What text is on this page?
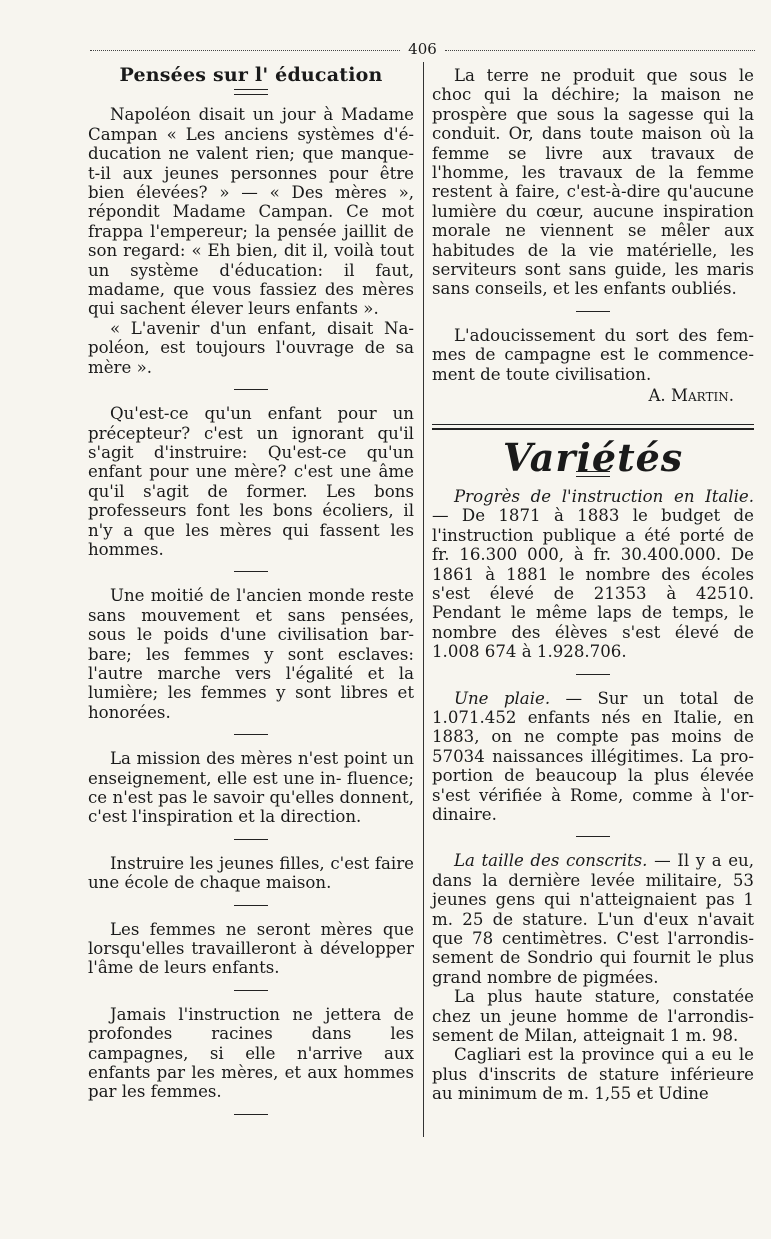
406
Pensées sur l' éducation

Napoléon disait un jour à Madame Campan « Les anciens systèmes d'é- ducation ne valent rien; que manque- t-il aux jeunes personnes pour être bien élevées? » — « Des mères », répondit Madame Campan. Ce mot frappa l'empereur; la pensée jaillit de son regard: « Eh bien, dit il, voilà tout un système d'éducation: il faut, madame, que vous fassiez des mères qui sachent élever leurs enfants ».

« L'avenir d'un enfant, disait Na- poléon, est toujours l'ouvrage de sa mère ».

Qu'est-ce qu'un enfant pour un précepteur? c'est un ignorant qu'il s'agit d'instruire: Qu'est-ce qu'un enfant pour une mère? c'est une âme qu'il s'agit de former. Les bons professeurs font les bons écoliers, il n'y a que les mères qui fassent les hommes.

Une moitié de l'ancien monde reste sans mouvement et sans pensées, sous le poids d'une civilisation bar- bare; les femmes y sont esclaves: l'autre marche vers l'égalité et la lumière; les femmes y sont libres et honorées.

La mission des mères n'est point un enseignement, elle est une in- fluence; ce n'est pas le savoir qu'elles donnent, c'est l'inspiration et la direction.

Instruire les jeunes filles, c'est faire une école de chaque maison.

Les femmes ne seront mères que lorsqu'elles travailleront à développer l'âme de leurs enfants.

Jamais l'instruction ne jettera de profondes racines dans les campagnes, si elle n'arrive aux enfants par les mères, et aux hommes par les femmes.

La terre ne produit que sous le choc qui la déchire; la maison ne prospère que sous la sagesse qui la conduit. Or, dans toute maison où la femme se livre aux travaux de l'homme, les travaux de la femme restent à faire, c'est-à-dire qu'aucune lumière du cœur, aucune inspiration morale ne viennent se mêler aux habitudes de la vie matérielle, les serviteurs sont sans guide, les maris sans conseils, et les enfants oubliés.

L'adoucissement du sort des fem- mes de campagne est le commence- ment de toute civilisation.

A. Martin.
Variétés

Progrès de l'instruction en Italie. — De 1871 à 1883 le budget de l'instruction publique a été porté de fr. 16.300 000, à fr. 30.400.000. De 1861 à 1881 le nombre des écoles s'est élevé de 21353 à 42510. Pendant le même laps de temps, le nombre des élèves s'est élevé de 1.008 674 à 1.928.706.

Une plaie. — Sur un total de 1.071.452 enfants nés en Italie, en 1883, on ne compte pas moins de 57034 naissances illégitimes. La pro- portion de beaucoup la plus élevée s'est vérifiée à Rome, comme à l'or- dinaire.

La taille des conscrits. — Il y a eu, dans la dernière levée militaire, 53 jeunes gens qui n'atteignaient pas 1 m. 25 de stature. L'un d'eux n'avait que 78 centimètres. C'est l'arrondis- sement de Sondrio qui fournit le plus grand nombre de pigmées.

La plus haute stature, constatée chez un jeune homme de l'arrondis- sement de Milan, atteignait 1 m. 98.

Cagliari est la province qui a eu le plus d'inscrits de stature inférieure au minimum de m. 1,55 et Udine
